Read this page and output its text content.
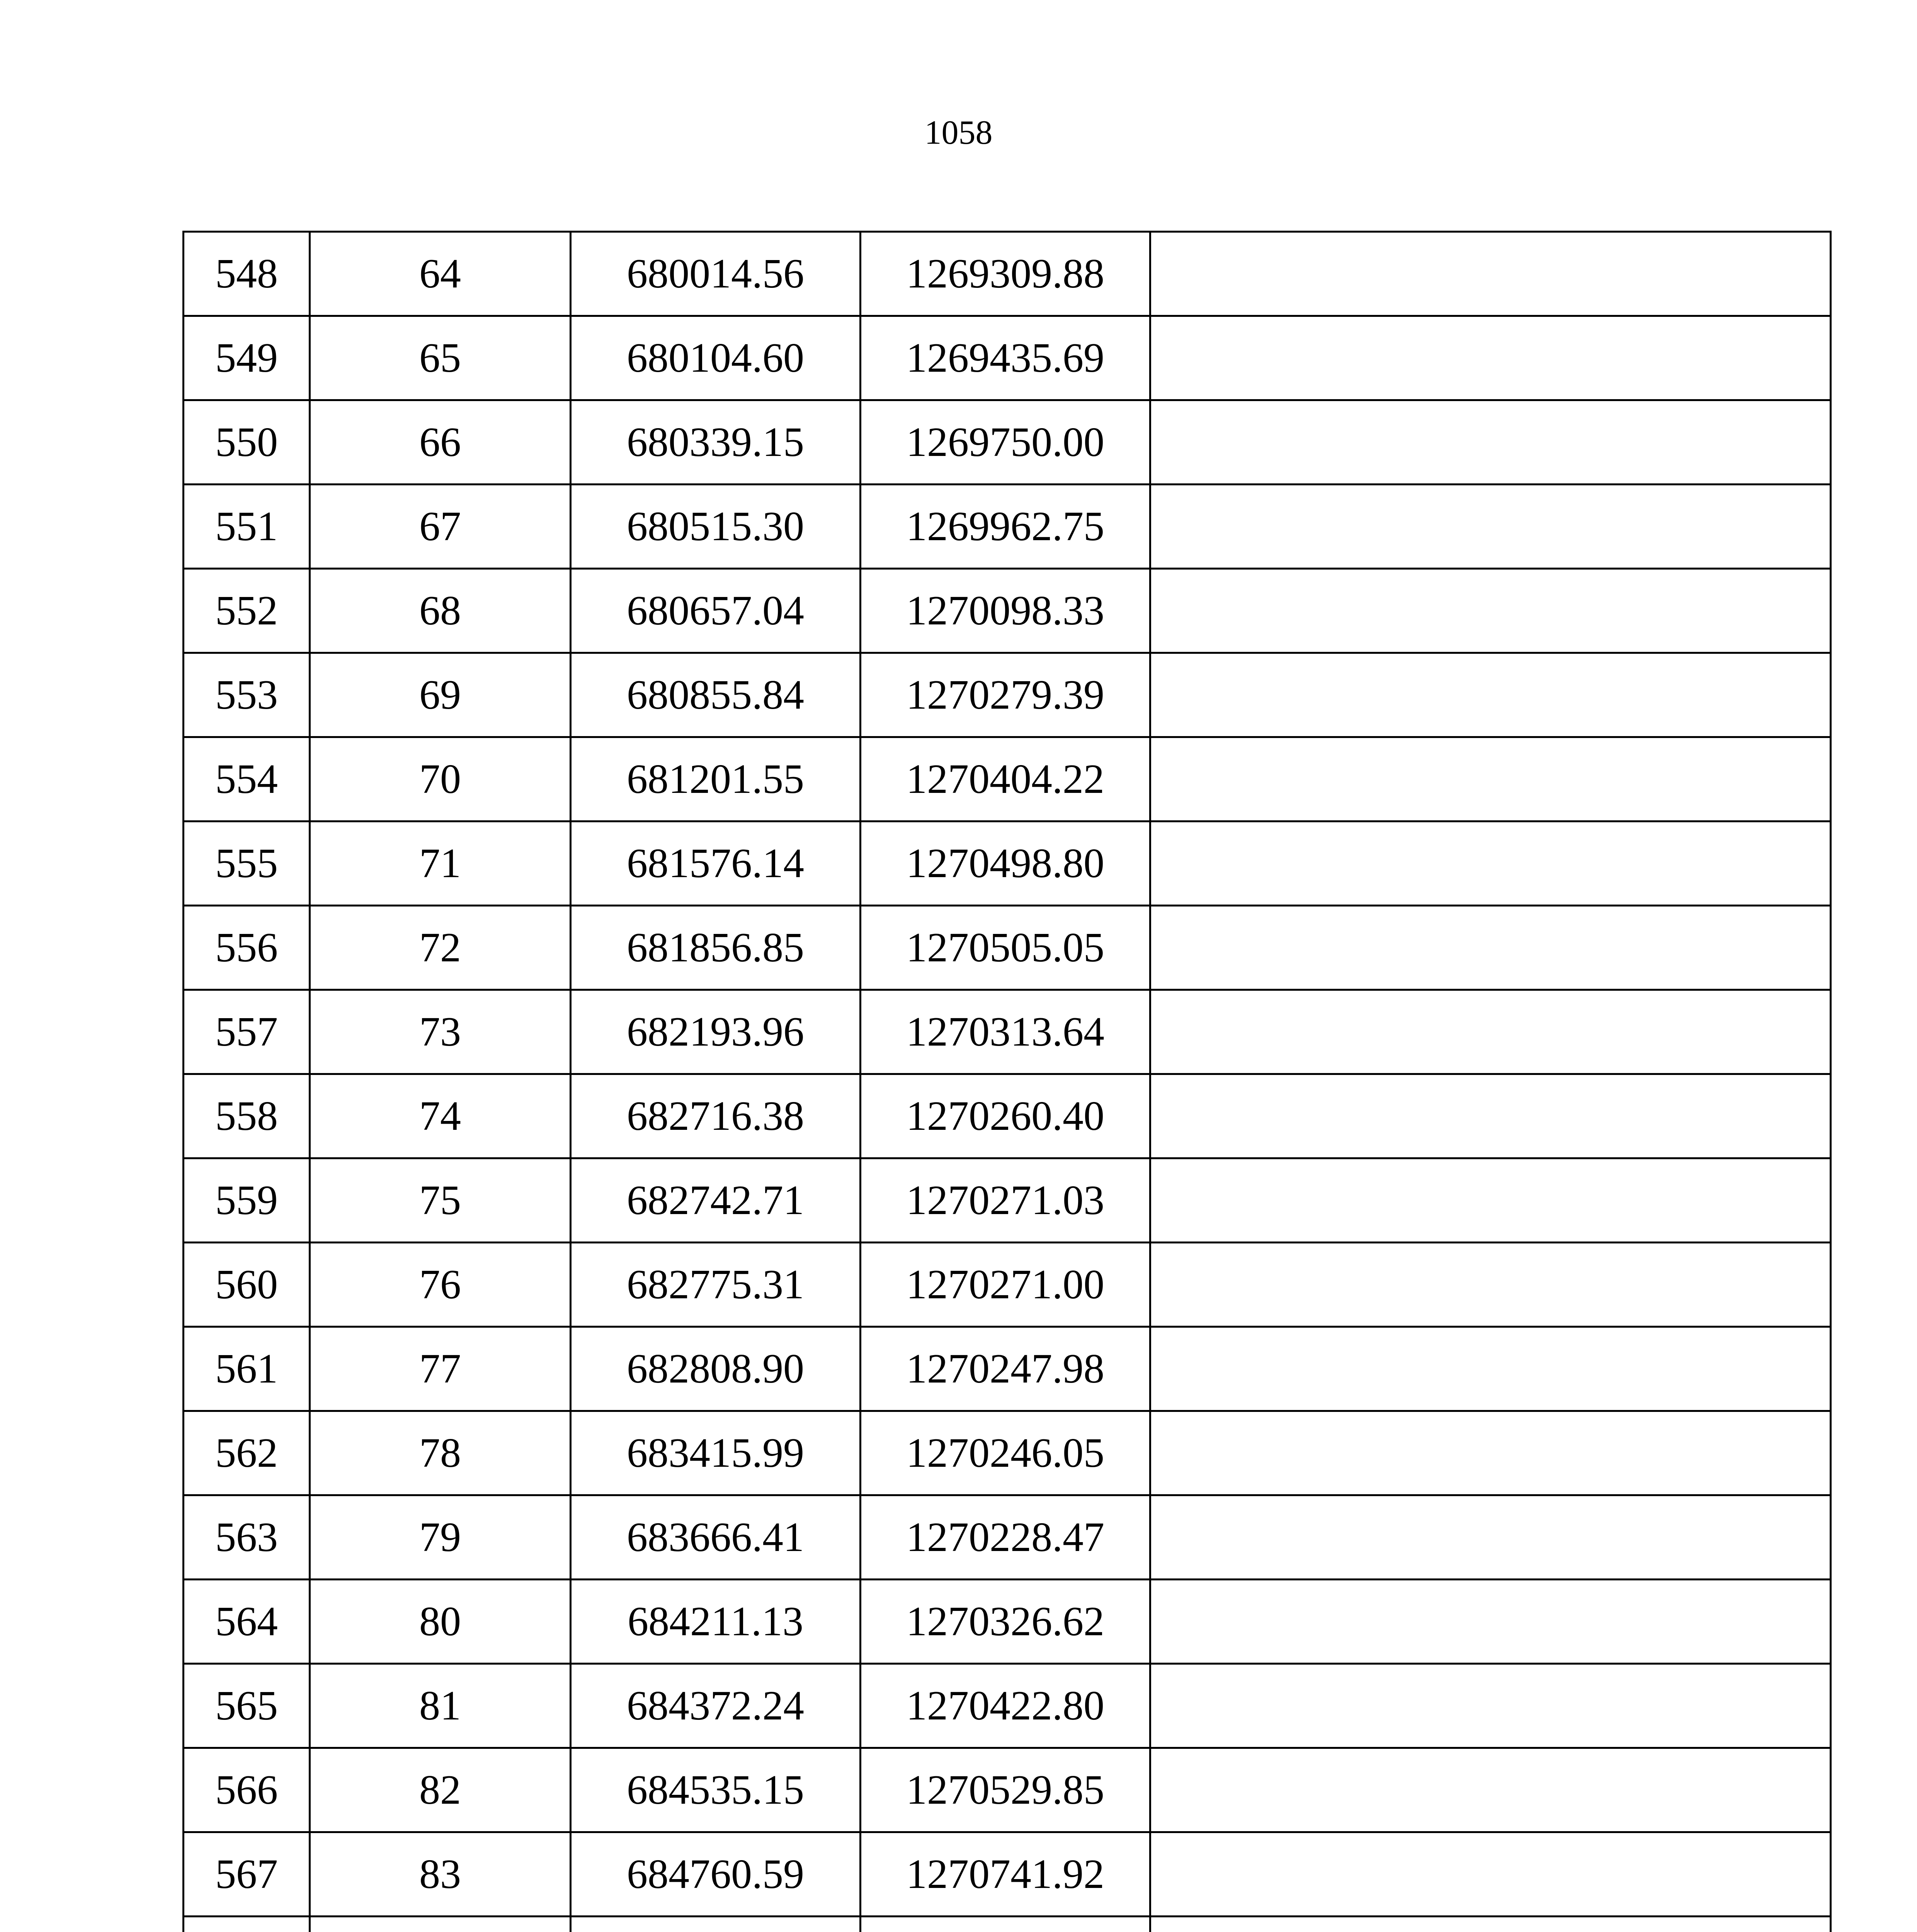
1058
548	64	680014.56	1269309.88	
549	65	680104.60	1269435.69	
550	66	680339.15	1269750.00	
551	67	680515.30	1269962.75	
552	68	680657.04	1270098.33	
553	69	680855.84	1270279.39	
554	70	681201.55	1270404.22	
555	71	681576.14	1270498.80	
556	72	681856.85	1270505.05	
557	73	682193.96	1270313.64	
558	74	682716.38	1270260.40	
559	75	682742.71	1270271.03	
560	76	682775.31	1270271.00	
561	77	682808.90	1270247.98	
562	78	683415.99	1270246.05	
563	79	683666.41	1270228.47	
564	80	684211.13	1270326.62	
565	81	684372.24	1270422.80	
566	82	684535.15	1270529.85	
567	83	684760.59	1270741.92	
